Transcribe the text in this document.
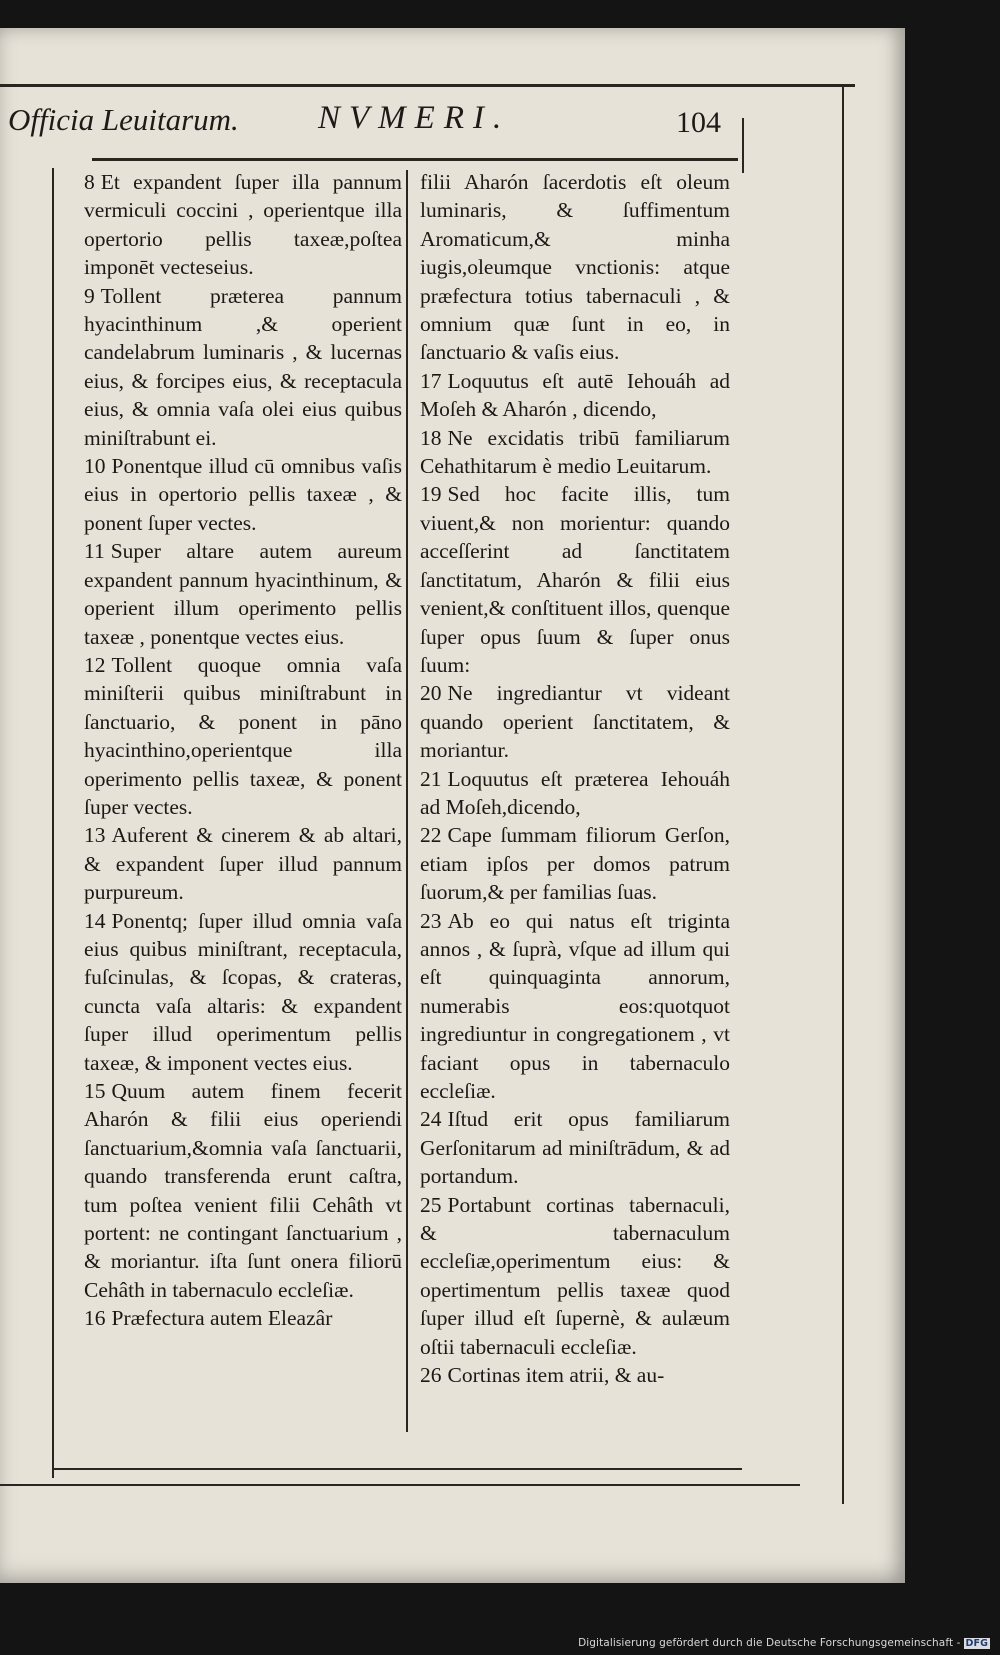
Officia Leuitarum. NVMERI.	104

8 Et expandent ſuper illa pannum vermiculi coccini , operientque illa opertorio pellis taxeæ,poſtea imponēt vecteseius.

9 Tollent præterea pannum hyacinthinum ,& operient candelabrum luminaris , & lucernas eius, & forcipes eius, & receptacula eius, & omnia vaſa olei eius quibus miniſtrabunt ei.

10 Ponentque illud cū omnibus vaſis eius in opertorio pellis taxeæ , & ponent ſuper vectes.

11 Super altare autem aureum expandent pannum hyacinthinum, & operient illum operimento pellis taxeæ , ponentque vectes eius.

12 Tollent quoque omnia vaſa miniſterii quibus miniſtrabunt in ſanctuario, & ponent in pāno hyacinthino,operientque illa operimento pellis taxeæ, & ponent ſuper vectes.

13 Auferent & cinerem & ab altari, & expandent ſuper illud pannum purpureum.

14 Ponentq; ſuper illud omnia vaſa eius quibus miniſtrant, receptacula, fuſcinulas, & ſcopas, & crateras, cuncta vaſa altaris: & expandent ſuper illud operimentum pellis taxeæ, & imponent vectes eius.

15 Quum autem finem fecerit Aharón & filii eius operiendi ſanctuarium,&omnia vaſa ſanctuarii, quando transferenda erunt caſtra, tum poſtea venient filii Cehâth vt portent: ne contingant ſanctuarium , & moriantur. iſta ſunt onera filiorū Cehâth in tabernaculo eccleſiæ.

16 Præfectura autem Eleazâr

filii Aharón ſacerdotis eſt oleum luminaris, & ſuffimentum Aromaticum,& minha iugis,oleumque vnctionis: atque præfectura totius tabernaculi , & omnium quæ ſunt in eo, in ſanctuario & vaſis eius.

17 Loquutus eſt autē Iehouáh ad Moſeh & Aharón , dicendo,

18 Ne excidatis tribū familiarum Cehathitarum è medio Leuitarum.

19 Sed hoc facite illis, tum viuent,& non morientur: quando acceſſerint ad ſanctitatem ſanctitatum, Aharón & filii eius venient,& conſtituent illos, quenque ſuper opus ſuum & ſuper onus ſuum:

20 Ne ingrediantur vt videant quando operient ſanctitatem, & moriantur.

21 Loquutus eſt præterea Iehouáh ad Moſeh,dicendo,

22 Cape ſummam filiorum Gerſon, etiam ipſos per domos patrum ſuorum,& per familias ſuas.

23 Ab eo qui natus eſt triginta annos , & ſuprà, vſque ad illum qui eſt quinquaginta annorum, numerabis eos:quotquot ingrediuntur in congregationem , vt faciant opus in tabernaculo eccleſiæ.

24 Iſtud erit opus familiarum Gerſonitarum ad miniſtrādum, & ad portandum.

25 Portabunt cortinas tabernaculi, & tabernaculum eccleſiæ,operimentum eius: & opertimentum pellis taxeæ quod ſuper illud eſt ſupernè, & aulæum oſtii tabernaculi eccleſiæ.

26 Cortinas item atrii, & au-

Digitalisierung gefördert durch die Deutsche Forschungsgemeinschaft - DFG
